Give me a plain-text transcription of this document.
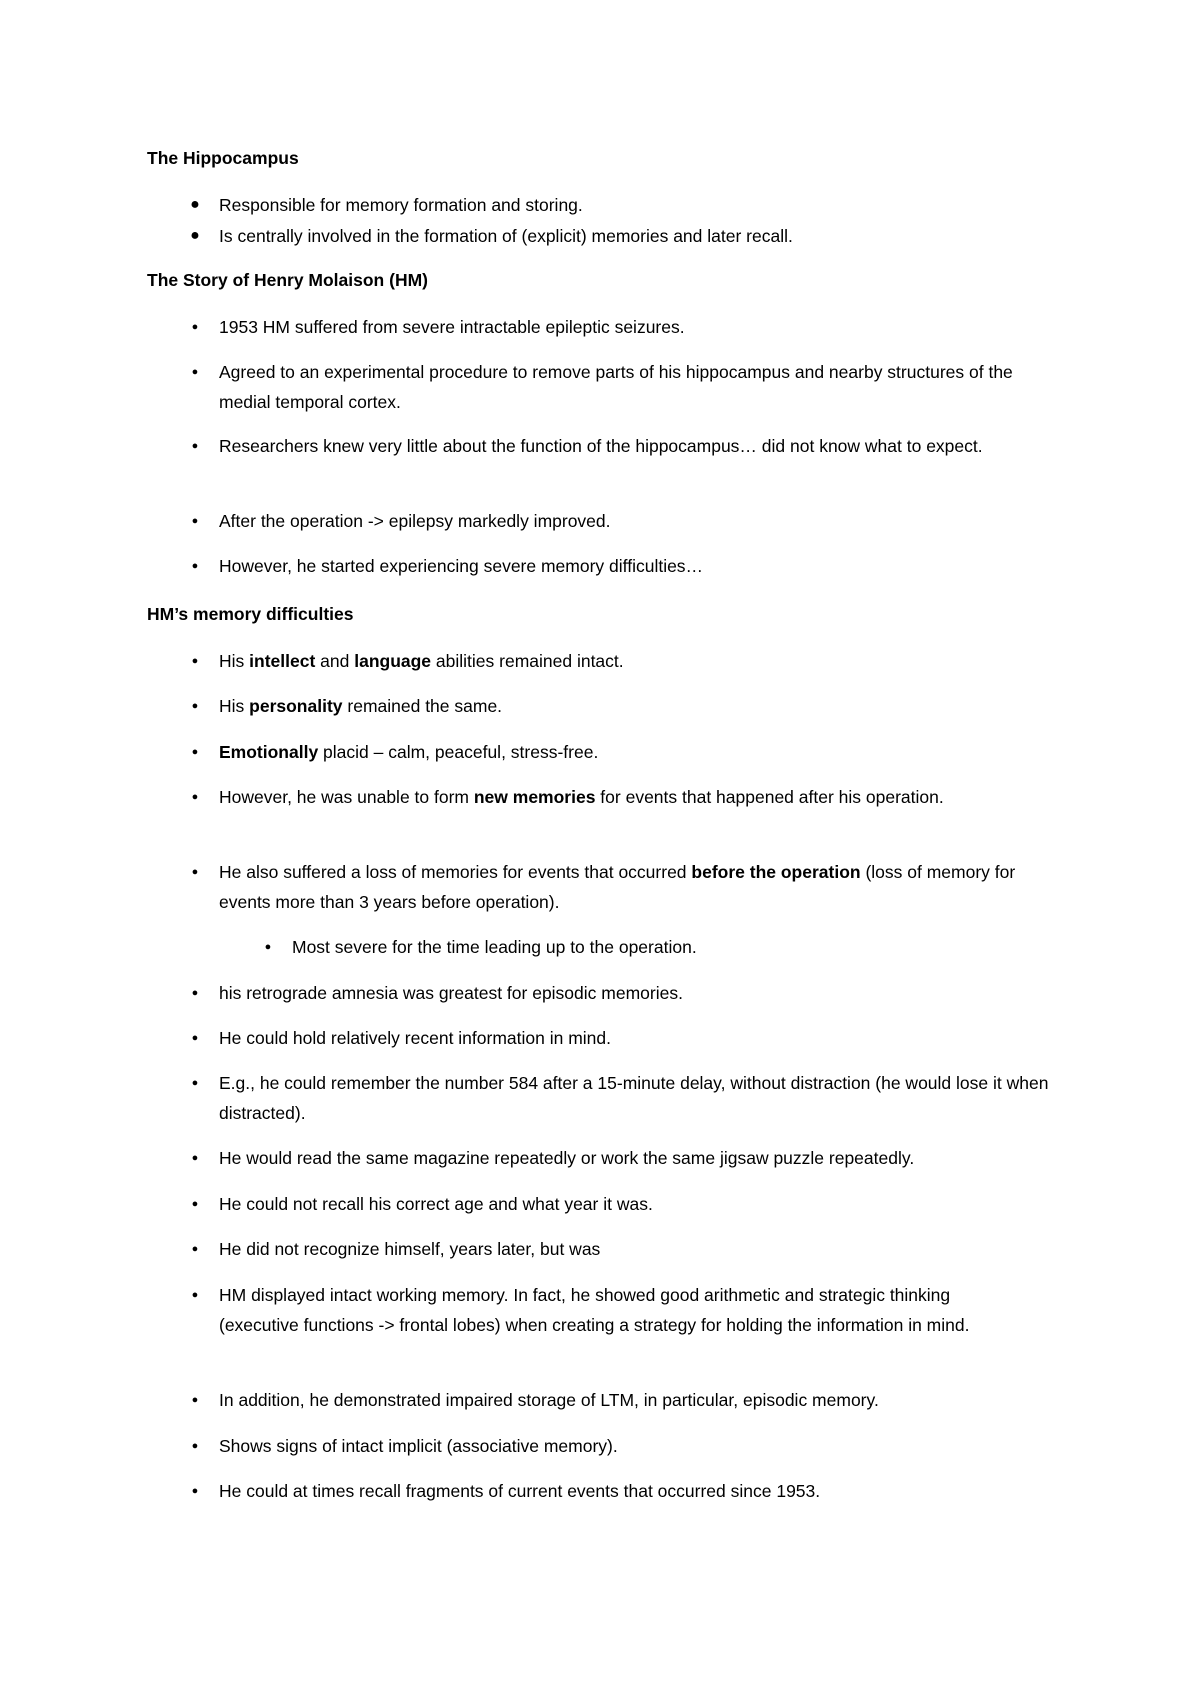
The Hippocampus
● Responsible for memory formation and storing.
● Is centrally involved in the formation of (explicit) memories and later recall.
The Story of Henry Molaison (HM)
●	1953 HM suffered from severe intractable epileptic seizures.
●	Agreed to an experimental procedure to remove parts of his hippocampus and nearby structures of the medial temporal cortex.
●	Researchers knew very little about the function of the hippocampus… did not know what to expect.
●	After the operation -> epilepsy markedly improved.
●	However, he started experiencing severe memory difficulties…
HM’s memory difficulties
●	His intellect and language abilities remained intact.
●	His personality remained the same.
●	Emotionally placid – calm, peaceful, stress-free.
●	However, he was unable to form new memories for events that happened after his operation.
●	He also suffered a loss of memories for events that occurred before the operation (loss of memory for events more than 3 years before operation).
●	Most severe for the time leading up to the operation.
●	his retrograde amnesia was greatest for episodic memories.
●	He could hold relatively recent information in mind.
●	E.g., he could remember the number 584 after a 15-minute delay, without distraction (he would lose it when distracted).
●	He would read the same magazine repeatedly or work the same jigsaw puzzle repeatedly.
●	He could not recall his correct age and what year it was.
●	He did not recognize himself, years later, but was
●	HM displayed intact working memory. In fact, he showed good arithmetic and strategic thinking (executive functions -> frontal lobes) when creating a strategy for holding the information in mind.
●	In addition, he demonstrated impaired storage of LTM, in particular, episodic memory.
●	Shows signs of intact implicit (associative memory).
●	He could at times recall fragments of current events that occurred since 1953.
